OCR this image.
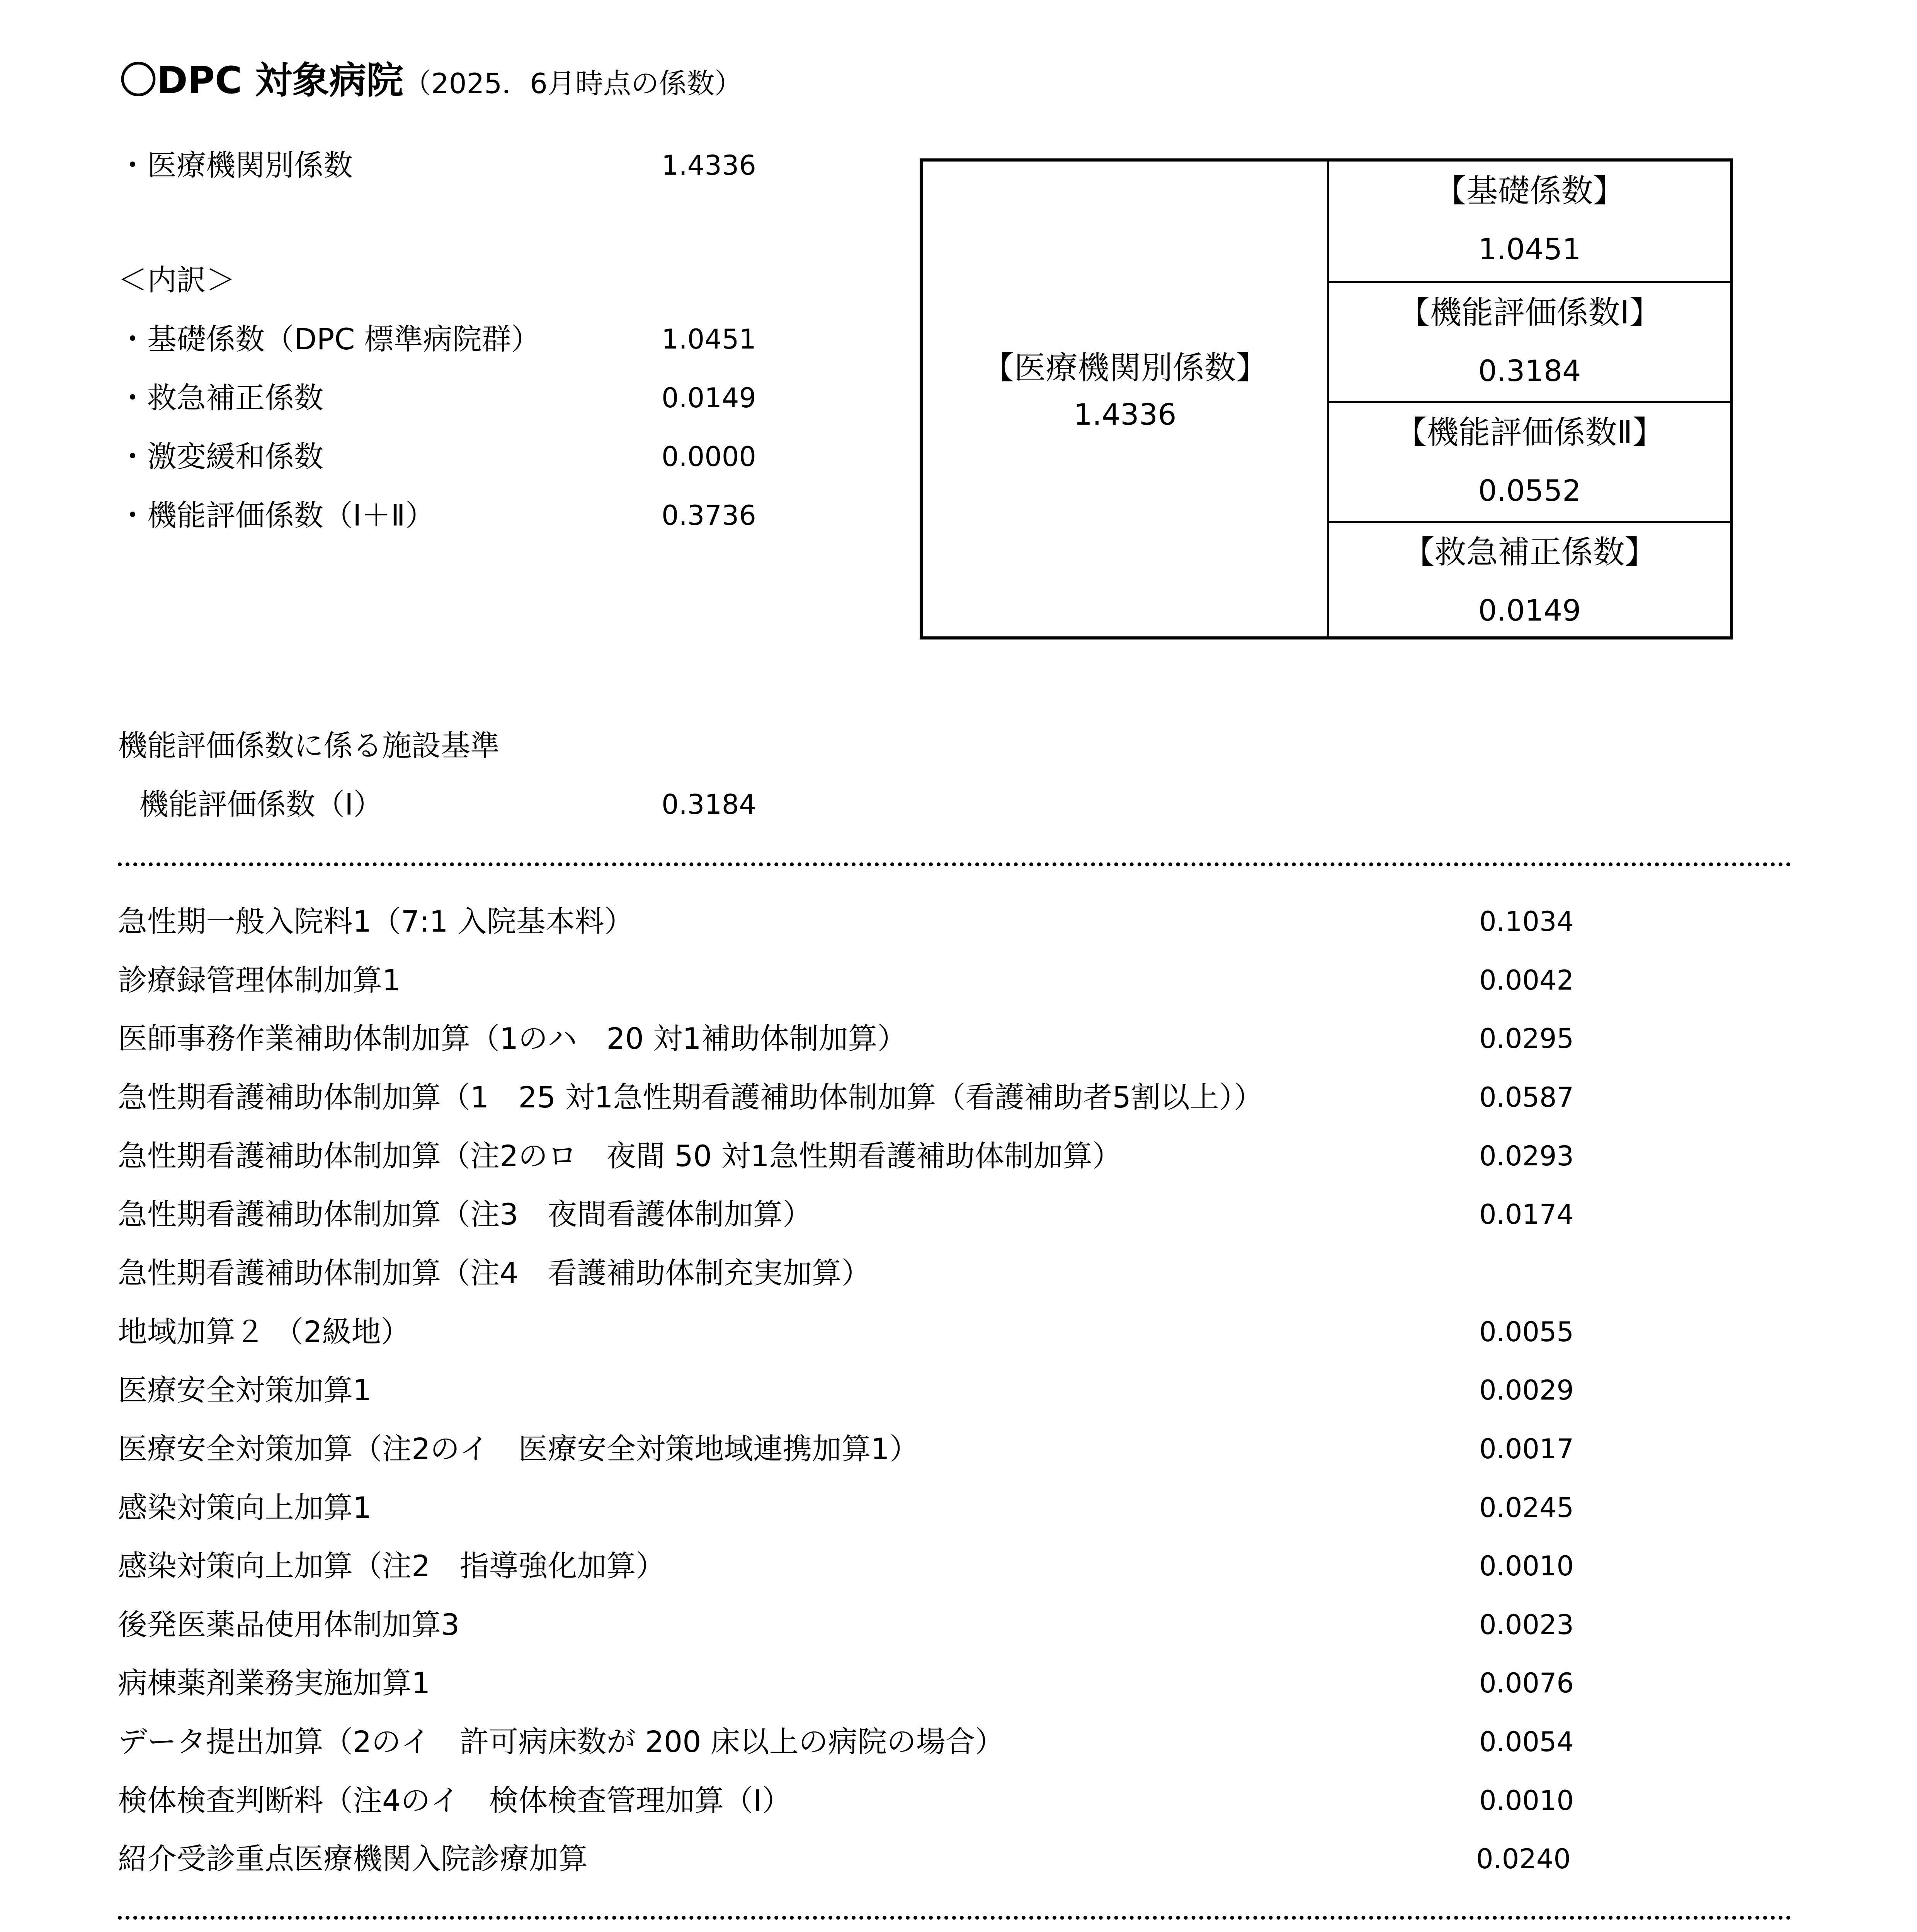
〇DPC 対象病院（2025．6月時点の係数）
・医療機関別係数	1.4336
＜内訳＞
・基礎係数（DPC 標準病院群）	1.0451
・救急補正係数	0.0149
・激変緩和係数	0.0000
・機能評価係数（Ⅰ＋Ⅱ）	0.3736
【医療機関別係数】
1.4336
【基礎係数】
1.0451
【機能評価係数Ⅰ】
0.3184
【機能評価係数Ⅱ】
0.0552
【救急補正係数】
0.0149
機能評価係数に係る施設基準
機能評価係数（Ⅰ）	0.3184
急性期一般入院料1（7:1 入院基本料）	0.1034
診療録管理体制加算1	0.0042
医師事務作業補助体制加算（1のハ　20 対1補助体制加算）	0.0295
急性期看護補助体制加算（1　25 対1急性期看護補助体制加算（看護補助者5割以上））	0.0587
急性期看護補助体制加算（注2のロ　夜間 50 対1急性期看護補助体制加算）	0.0293
急性期看護補助体制加算（注3　夜間看護体制加算）	0.0174
急性期看護補助体制加算（注4　看護補助体制充実加算）
地域加算２ （2級地）	0.0055
医療安全対策加算1	0.0029
医療安全対策加算（注2のイ　医療安全対策地域連携加算1）	0.0017
感染対策向上加算1	0.0245
感染対策向上加算（注2　指導強化加算）	0.0010
後発医薬品使用体制加算3	0.0023
病棟薬剤業務実施加算1	0.0076
データ提出加算（2のイ　許可病床数が 200 床以上の病院の場合）	0.0054
検体検査判断料（注4のイ　検体検査管理加算（Ⅰ）	0.0010
紹介受診重点医療機関入院診療加算	0.0240
